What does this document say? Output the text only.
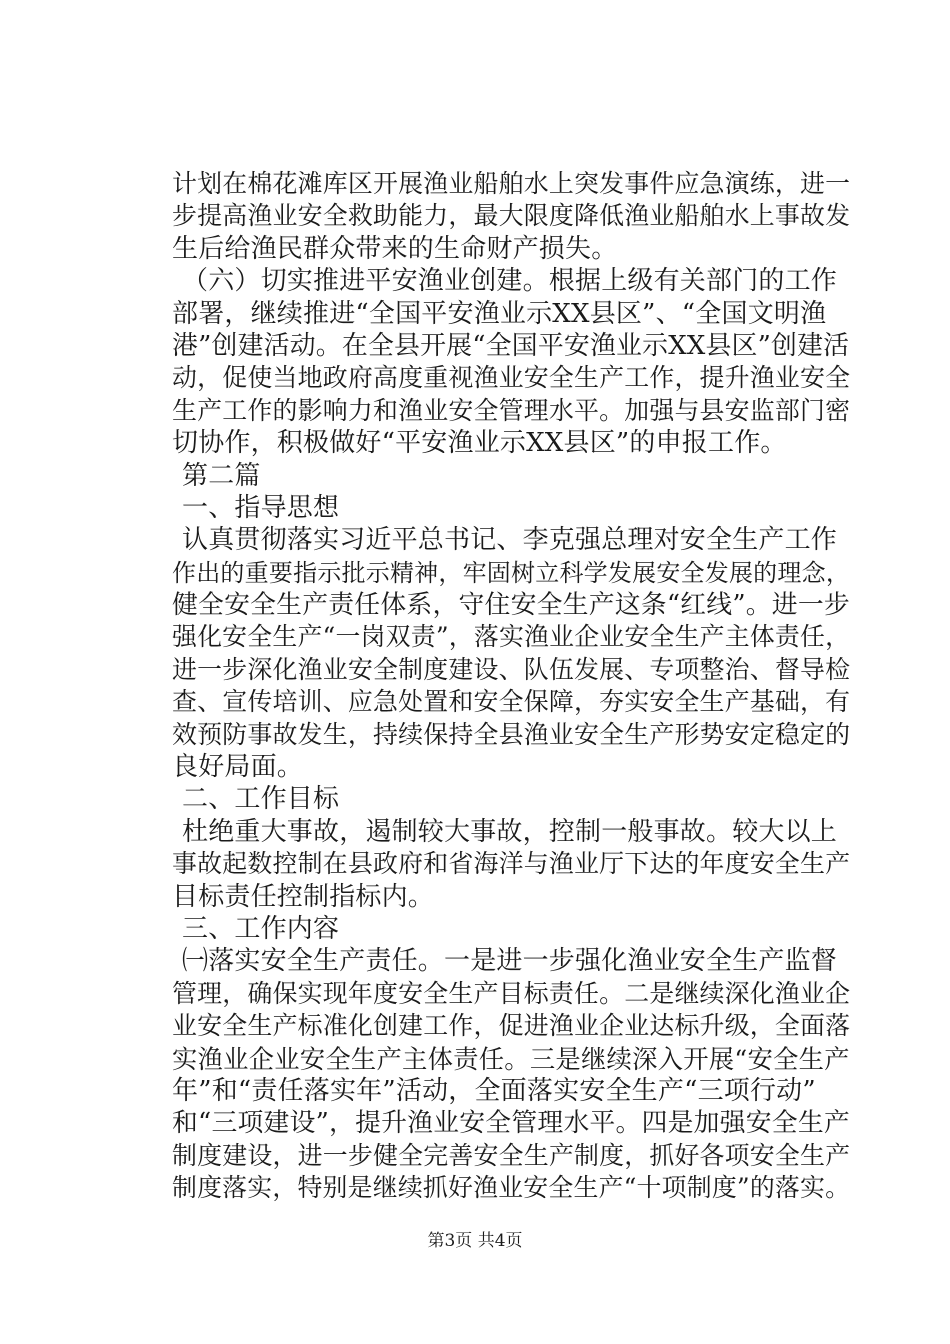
计划在棉花滩库区开展渔业船舶水上突发事件应急演练，进一
步提高渔业安全救助能力，最大限度降低渔业船舶水上事故发
生后给渔民群众带来的生命财产损失。
（六）切实推进平安渔业创建。根据上级有关部门的工作
部署，继续推进“全国平安渔业示XX县区”、“全国文明渔
港”创建活动。在全县开展“全国平安渔业示XX县区”创建活
动，促使当地政府高度重视渔业安全生产工作，提升渔业安全
生产工作的影响力和渔业安全管理水平。加强与县安监部门密
切协作，积极做好“平安渔业示XX县区”的申报工作。
第二篇
一、指导思想
认真贯彻落实习近平总书记、李克强总理对安全生产工作
作出的重要指示批示精神，牢固树立科学发展安全发展的理念，
健全安全生产责任体系，守住安全生产这条“红线”。进一步
强化安全生产“一岗双责”，落实渔业企业安全生产主体责任，
进一步深化渔业安全制度建设、队伍发展、专项整治、督导检
查、宣传培训、应急处置和安全保障，夯实安全生产基础，有
效预防事故发生，持续保持全县渔业安全生产形势安定稳定的
良好局面。
二、工作目标
杜绝重大事故，遏制较大事故，控制一般事故。较大以上
事故起数控制在县政府和省海洋与渔业厅下达的年度安全生产
目标责任控制指标内。
三、工作内容
㈠落实安全生产责任。一是进一步强化渔业安全生产监督
管理，确保实现年度安全生产目标责任。二是继续深化渔业企
业安全生产标准化创建工作，促进渔业企业达标升级，全面落
实渔业企业安全生产主体责任。三是继续深入开展“安全生产
年”和“责任落实年”活动，全面落实安全生产“三项行动”
和“三项建设”，提升渔业安全管理水平。四是加强安全生产
制度建设，进一步健全完善安全生产制度，抓好各项安全生产
制度落实，特别是继续抓好渔业安全生产“十项制度”的落实。
第3页 共4页
